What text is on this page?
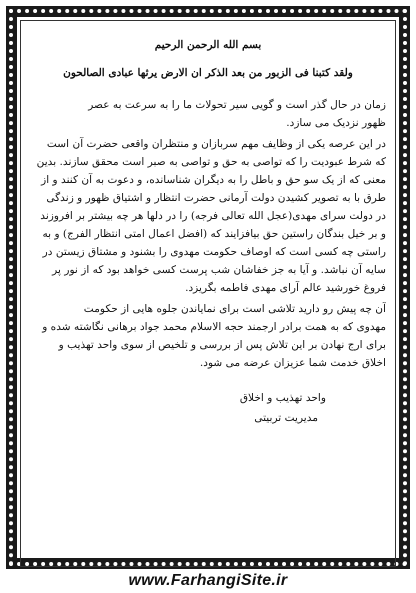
بسم الله الرحمن الرحیم
ولقد کتبنا فی الزبور من بعد الذکر ان الارض یرثها عبادی الصالحون
زمان در حال گذر است و گویی سیر تحولات ما را به سرعت به عصر
ظهور نزدیک می سازد.
در این عرصه یکی از وظایف مهم سربازان و منتظران واقعی حضرت آن است
که شرط عبودیت را که تواصی به حق و تواصی به صبر است محقق سازند. بدین
معنی که از یک سو حق و باطل را به دیگران شناسانده، و دعوت به آن کنند و از
طرق با به تصویر کشیدن دولت آرمانی حضرت انتظار و اشتیاق ظهور و زندگی
در دولت سرای مهدی(عجل الله تعالی فرجه) را در دلها هر چه بیشتر بر افروزند
و بر خیل بندگان راستین حق بیافزایند که (افضل اعمال امتی انتظار الفرج) و به
راستی چه کسی است که اوصاف حکومت مهدوی را بشنود و مشتاق زیستن در
سایه آن نباشد. و آیا به جز خفاشان شب پرست کسی خواهد بود که از نور پر
فروغ خورشید عالم آرای مهدی فاطمه بگریزد.
آن چه پیش رو دارید تلاشی است برای نمایاندن جلوه هایی از حکومت
مهدوی که به همت برادر ارجمند حجه الاسلام محمد جواد برهانی نگاشته شده و
برای ارج نهادن بر این تلاش پس از بررسی و تلخیص از سوی واحد تهذیب و
اخلاق خدمت شما عزیزان عرضه می شود.
واحد تهذیب و اخلاق
مدیریت تربیتی
www.FarhangiSite.ir
